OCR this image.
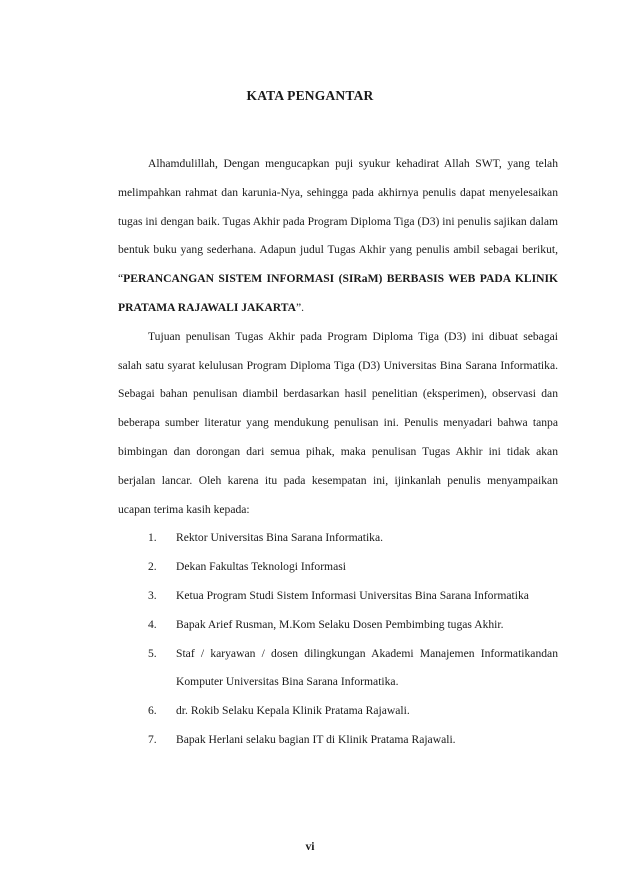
KATA PENGANTAR

Alhamdulillah, Dengan mengucapkan puji syukur kehadirat Allah SWT, yang telah melimpahkan rahmat dan karunia-Nya, sehingga pada akhirnya penulis dapat menyelesaikan tugas ini dengan baik. Tugas Akhir pada Program Diploma Tiga (D3) ini penulis sajikan dalam bentuk buku yang sederhana. Adapun judul Tugas Akhir yang penulis ambil sebagai berikut, “PERANCANGAN SISTEM INFORMASI (SIRaM) BERBASIS WEB PADA KLINIK PRATAMA RAJAWALI JAKARTA”.

Tujuan penulisan Tugas Akhir pada Program Diploma Tiga (D3) ini dibuat sebagai salah satu syarat kelulusan Program Diploma Tiga (D3) Universitas Bina Sarana Informatika. Sebagai bahan penulisan diambil berdasarkan hasil penelitian (eksperimen), observasi dan beberapa sumber literatur yang mendukung penulisan ini. Penulis menyadari bahwa tanpa bimbingan dan dorongan dari semua pihak, maka penulisan Tugas Akhir ini tidak akan berjalan lancar. Oleh karena itu pada kesempatan ini, ijinkanlah penulis menyampaikan ucapan terima kasih kepada:

1. Rektor Universitas Bina Sarana Informatika.
2. Dekan Fakultas Teknologi Informasi
3. Ketua Program Studi Sistem Informasi Universitas Bina Sarana Informatika
4. Bapak Arief Rusman, M.Kom Selaku Dosen Pembimbing tugas Akhir.
5. Staf / karyawan / dosen dilingkungan Akademi Manajemen Informatikandan Komputer Universitas Bina Sarana Informatika.
6. dr. Rokib Selaku Kepala Klinik Pratama Rajawali.
7. Bapak Herlani selaku bagian IT di Klinik Pratama Rajawali.
vi
